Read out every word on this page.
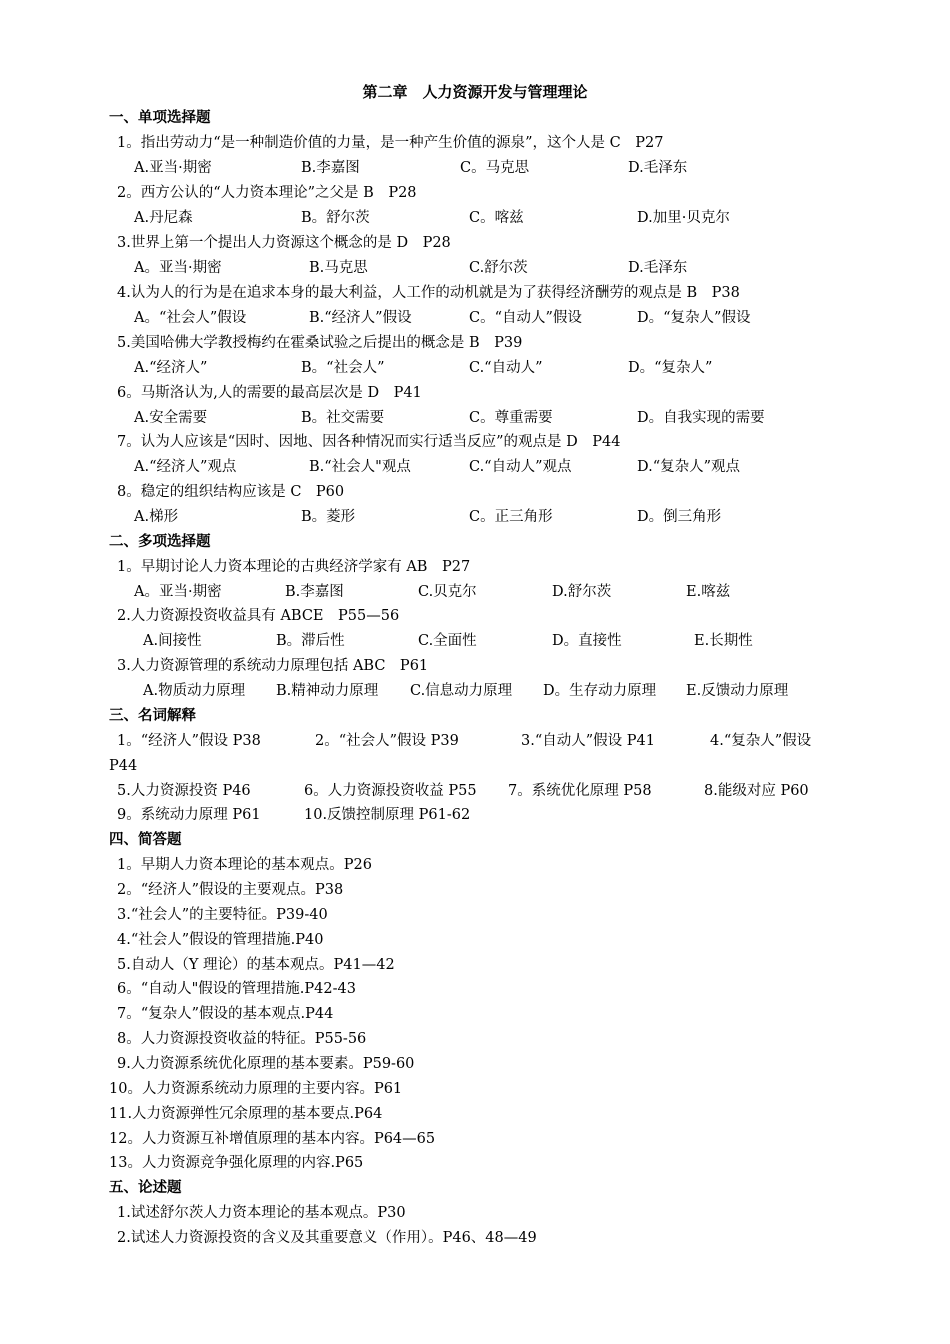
第二章　人力资源开发与管理理论
一、单项选择题
1。指出劳动力“是一种制造价值的力量，是一种产生价值的源泉”，这个人是 C　P27
A.亚当·期密	B.李嘉图	C。马克思	D.毛泽东
2。西方公认的“人力资本理论”之父是 B　P28
A.丹尼森	B。舒尔茨	C。喀兹	D.加里·贝克尔
3.世界上第一个提出人力资源这个概念的是 D　P28
A。亚当·期密	B.马克思	C.舒尔茨	D.毛泽东
4.认为人的行为是在追求本身的最大利益，人工作的动机就是为了获得经济酬劳的观点是 B　P38
A。“社会人”假设	B.“经济人”假设	C。“自动人”假设	D。“复杂人”假设
5.美国哈佛大学教授梅约在霍桑试验之后提出的概念是 B　P39
A.“经济人”	B。“社会人”	C.“自动人”	D。“复杂人”
6。马斯洛认为,人的需要的最高层次是 D　P41
A.安全需要	B。社交需要	C。尊重需要	D。自我实现的需要
7。认为人应该是“因时、因地、因各种情况而实行适当反应”的观点是 D　P44
A.“经济人”观点	B.“社会人"观点	C.“自动人”观点	D.“复杂人”观点
8。稳定的组织结构应该是 C　P60
A.梯形	B。菱形	C。正三角形	D。倒三角形
二、多项选择题
1。早期讨论人力资本理论的古典经济学家有 AB　P27
A。亚当·期密	B.李嘉图	C.贝克尔	D.舒尔茨	E.喀兹
2.人力资源投资收益具有 ABCE　P55—56
A.间接性	B。滞后性	C.全面性	D。直接性	E.长期性
3.人力资源管理的系统动力原理包括 ABC　P61
A.物质动力原理 B.精神动力原理 C.信息动力原理 D。生存动力原理 E.反馈动力原理
三、名词解释
1。“经济人”假设 P38	2。“社会人”假设 P39	3.“自动人”假设 P41	4.“复杂人”假设
P44
5.人力资源投资 P46	6。人力资源投资收益 P55 7。系统优化原理 P58	8.能级对应 P60
9。系统动力原理 P61	10.反馈控制原理 P61-62
四、简答题
1。早期人力资本理论的基本观点。P26
2。“经济人”假设的主要观点。P38
3.“社会人”的主要特征。P39-40
4.“社会人”假设的管理措施.P40
5.自动人（Y 理论）的基本观点。P41—42
6。“自动人"假设的管理措施.P42-43
7。“复杂人”假设的基本观点.P44
8。人力资源投资收益的特征。P55-56
9.人力资源系统优化原理的基本要素。P59-60
10。人力资源系统动力原理的主要内容。P61
11.人力资源弹性冗余原理的基本要点.P64
12。人力资源互补增值原理的基本内容。P64—65
13。人力资源竞争强化原理的内容.P65
五、论述题
1.试述舒尔茨人力资本理论的基本观点。P30
2.试述人力资源投资的含义及其重要意义（作用）。P46、48—49
